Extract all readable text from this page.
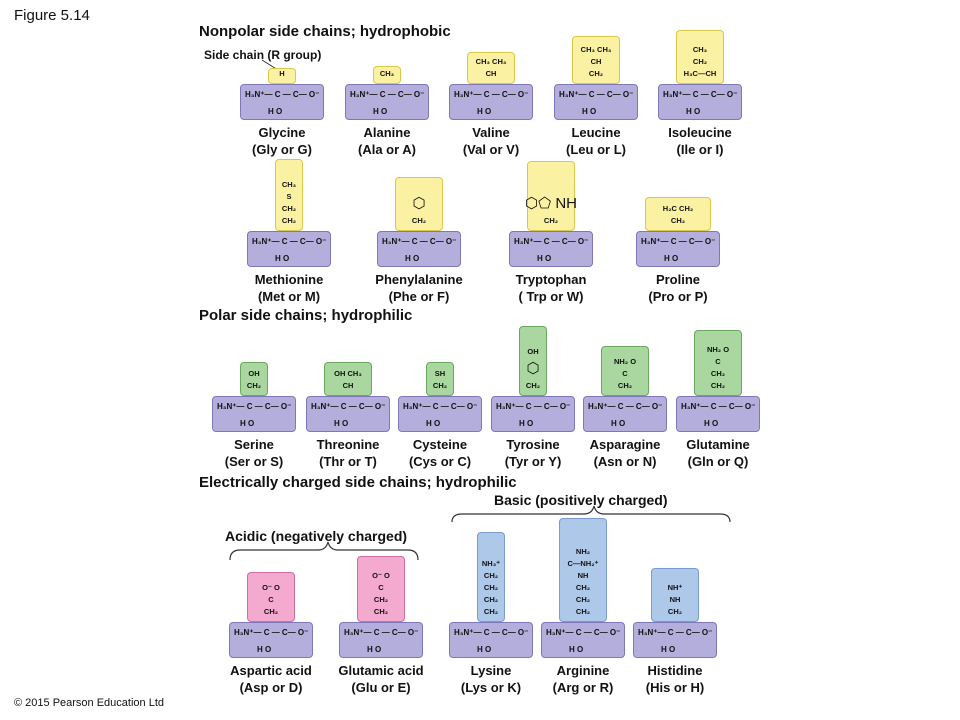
Figure 5.14
Nonpolar side chains; hydrophobic
Polar side chains; hydrophilic
Electrically charged side chains; hydrophilic
Side chain (R group)
Acidic (negatively charged)
Basic (positively charged)
H
H₃N⁺— C — C— O⁻
H O
Glycine
(Gly or G)
CH₃
H₃N⁺— C — C— O⁻
H O
Alanine
(Ala or A)
CH₃ CH₃
CH
H₃N⁺— C — C— O⁻
H O
Valine
(Val or V)
CH₃ CH₃
CH
CH₂
H₃N⁺— C — C— O⁻
H O
Leucine
(Leu or L)
CH₃
CH₂
H₃C—CH
H₃N⁺— C — C— O⁻
H O
Isoleucine
(Ile or I)
CH₃
S
CH₂
CH₂
H₃N⁺— C — C— O⁻
H O
Methionine
(Met or M)
⬡
CH₂
H₃N⁺— C — C— O⁻
H O
Phenylalanine
(Phe or F)
⬡⬠ NH
CH₂
H₃N⁺— C — C— O⁻
H O
Tryptophan
( Trp or W)
H₂C CH₂
CH₂
H₃N⁺— C — C— O⁻
H O
Proline
(Pro or P)
OH
CH₂
H₃N⁺— C — C— O⁻
H O
Serine
(Ser or S)
OH CH₃
CH
H₃N⁺— C — C— O⁻
H O
Threonine
(Thr or T)
SH
CH₂
H₃N⁺— C — C— O⁻
H O
Cysteine
(Cys or C)
OH
⬡
CH₂
H₃N⁺— C — C— O⁻
H O
Tyrosine
(Tyr or Y)
NH₂ O
C
CH₂
H₃N⁺— C — C— O⁻
H O
Asparagine
(Asn or N)
NH₂ O
C
CH₂
CH₂
H₃N⁺— C — C— O⁻
H O
Glutamine
(Gln or Q)
O⁻ O
C
CH₂
H₃N⁺— C — C— O⁻
H O
Aspartic acid
(Asp or D)
O⁻ O
C
CH₂
CH₂
H₃N⁺— C — C— O⁻
H O
Glutamic acid
(Glu or E)
NH₃⁺
CH₂
CH₂
CH₂
CH₂
H₃N⁺— C — C— O⁻
H O
Lysine
(Lys or K)
NH₂
C—NH₂⁺
NH
CH₂
CH₂
CH₂
H₃N⁺— C — C— O⁻
H O
Arginine
(Arg or R)
NH⁺
NH
CH₂
H₃N⁺— C — C— O⁻
H O
Histidine
(His or H)
© 2015 Pearson Education Ltd
